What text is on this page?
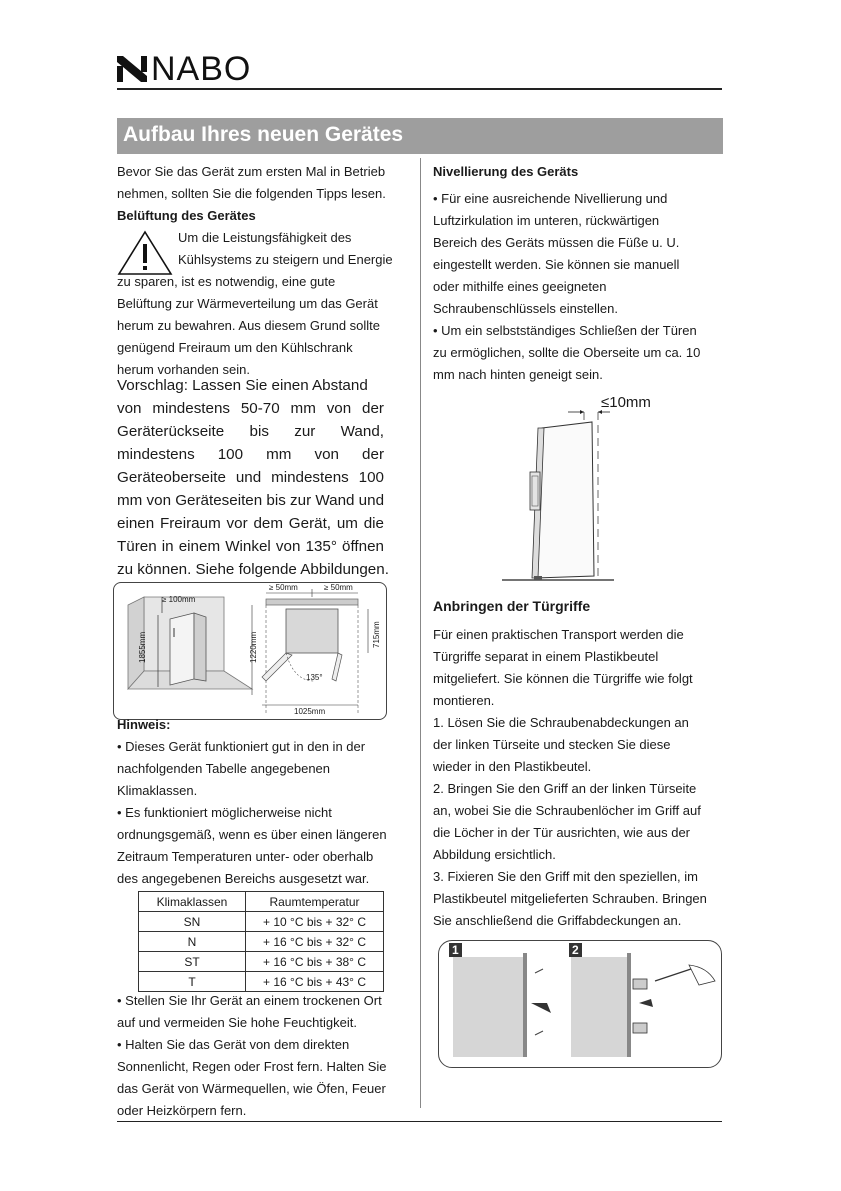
NABO
Aufbau Ihres neuen Gerätes
Bevor Sie das Gerät zum ersten Mal in Betrieb
nehmen, sollten Sie die folgenden Tipps lesen.
Belüftung des Gerätes
Um die Leistungsfähigkeit des
Kühlsystems zu steigern und Energie
zu sparen, ist es notwendig, eine gute
Belüftung zur Wärmeverteilung um das Gerät
herum zu bewahren. Aus diesem Grund sollte
genügend Freiraum um den Kühlschrank
herum vorhanden sein.
Vorschlag: Lassen Sie einen Abstand
von mindestens 50-70 mm von der
Geräterückseite bis zur Wand,
mindestens 100 mm von der
Geräteoberseite und mindestens 100
mm von Geräteseiten bis zur Wand und
einen Freiraum vor dem Gerät, um die
Türen in einem Winkel von 135° öffnen
zu können. Siehe folgende Abbildungen.
≥ 100mm
1855mm
≥ 50mm	≥ 50mm
1220mm	715mm
135°
1025mm
Hinweis:
• Dieses Gerät funktioniert gut in den in der
nachfolgenden Tabelle angegebenen
Klimaklassen.
• Es funktioniert möglicherweise nicht
ordnungsgemäß, wenn es über einen längeren
Zeitraum Temperaturen unter- oder oberhalb
des angegebenen Bereichs ausgesetzt war.
Klimaklassen	Raumtemperatur
SN	+ 10 °C bis + 32° C
N	+ 16 °C bis + 32° C
ST	+ 16 °C bis + 38° C
T	+ 16 °C bis + 43° C
• Stellen Sie Ihr Gerät an einem trockenen Ort
auf und vermeiden Sie hohe Feuchtigkeit.
• Halten Sie das Gerät von dem direkten
Sonnenlicht, Regen oder Frost fern. Halten Sie
das Gerät von Wärmequellen, wie Öfen, Feuer
oder Heizkörpern fern.
Nivellierung des Geräts
• Für eine ausreichende Nivellierung und
Luftzirkulation im unteren, rückwärtigen
Bereich des Geräts müssen die Füße u. U.
eingestellt werden. Sie können sie manuell
oder mithilfe eines geeigneten
Schraubenschlüssels einstellen.
• Um ein selbstständiges Schließen der Türen
zu ermöglichen, sollte die Oberseite um ca. 10
mm nach hinten geneigt sein.
≤10mm
Anbringen der Türgriffe
Für einen praktischen Transport werden die
Türgriffe separat in einem Plastikbeutel
mitgeliefert. Sie können die Türgriffe wie folgt
montieren.
1. Lösen Sie die Schraubenabdeckungen an
der linken Türseite und stecken Sie diese
wieder in den Plastikbeutel.
2. Bringen Sie den Griff an der linken Türseite
an, wobei Sie die Schraubenlöcher im Griff auf
die Löcher in der Tür ausrichten, wie aus der
Abbildung ersichtlich.
3. Fixieren Sie den Griff mit den speziellen, im
Plastikbeutel mitgelieferten Schrauben. Bringen
Sie anschließend die Griffabdeckungen an.
1	2
